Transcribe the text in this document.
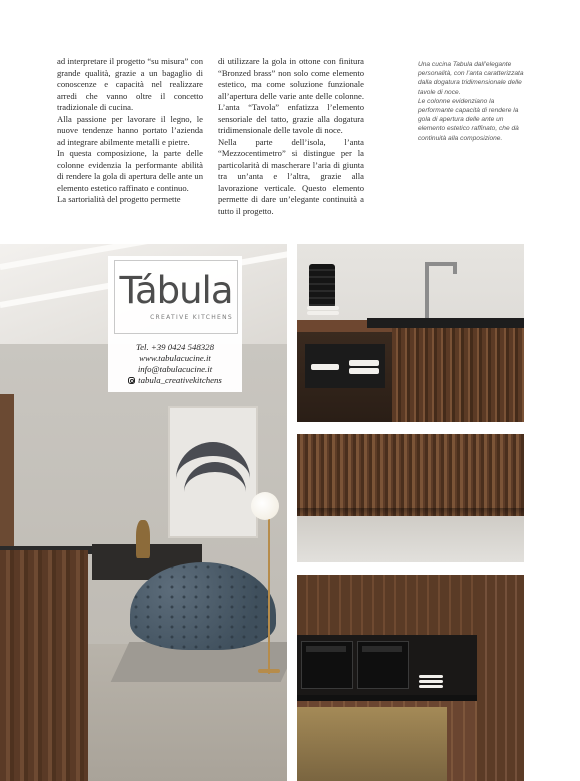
ad interpretare il progetto “su misura” con grande qualità, grazie a un bagaglio di conoscenze e capacità nel realizzare arredi che vanno oltre il concetto tradizionale di cucina.

Alla passione per lavorare il legno, le nuove tendenze hanno portato l’azienda ad integrare abilmente metalli e pietre.

In questa composizione, la parte delle colonne evidenzia la performante abilità di rendere la gola di apertura delle ante un elemento estetico raffinato e continuo.

La sartorialità del progetto permette

di utilizzare la gola in ottone con finitura “Bronzed brass” non solo come elemento estetico, ma come soluzione funzionale all’apertura delle varie ante delle colonne. L’anta “Tavola” enfatizza l’elemento sensoriale del tatto, grazie alla dogatura tridimensionale delle tavole di noce.

Nella parte dell’isola, l’anta “Mezzocentimetro” si distingue per la particolarità di mascherare l’aria di giunta tra un’anta e l’altra, grazie alla lavorazione verticale. Questo elemento permette di dare un’elegante continuità a tutto il progetto.

Una cucina Tabula dall’elegante personalità, con l’anta caratterizzata dalla dogatura tridimensionale delle tavole di noce.

Le colonne evidenziano la performante capacità di rendere la gola di apertura delle ante un elemento estetico raffinato, che dà continuità alla composizione.

Tábula
CREATIVE KITCHENS
Tel. +39 0424 548328
www.tabulacucine.it
info@tabulacucine.it
tabula_creativekitchens
